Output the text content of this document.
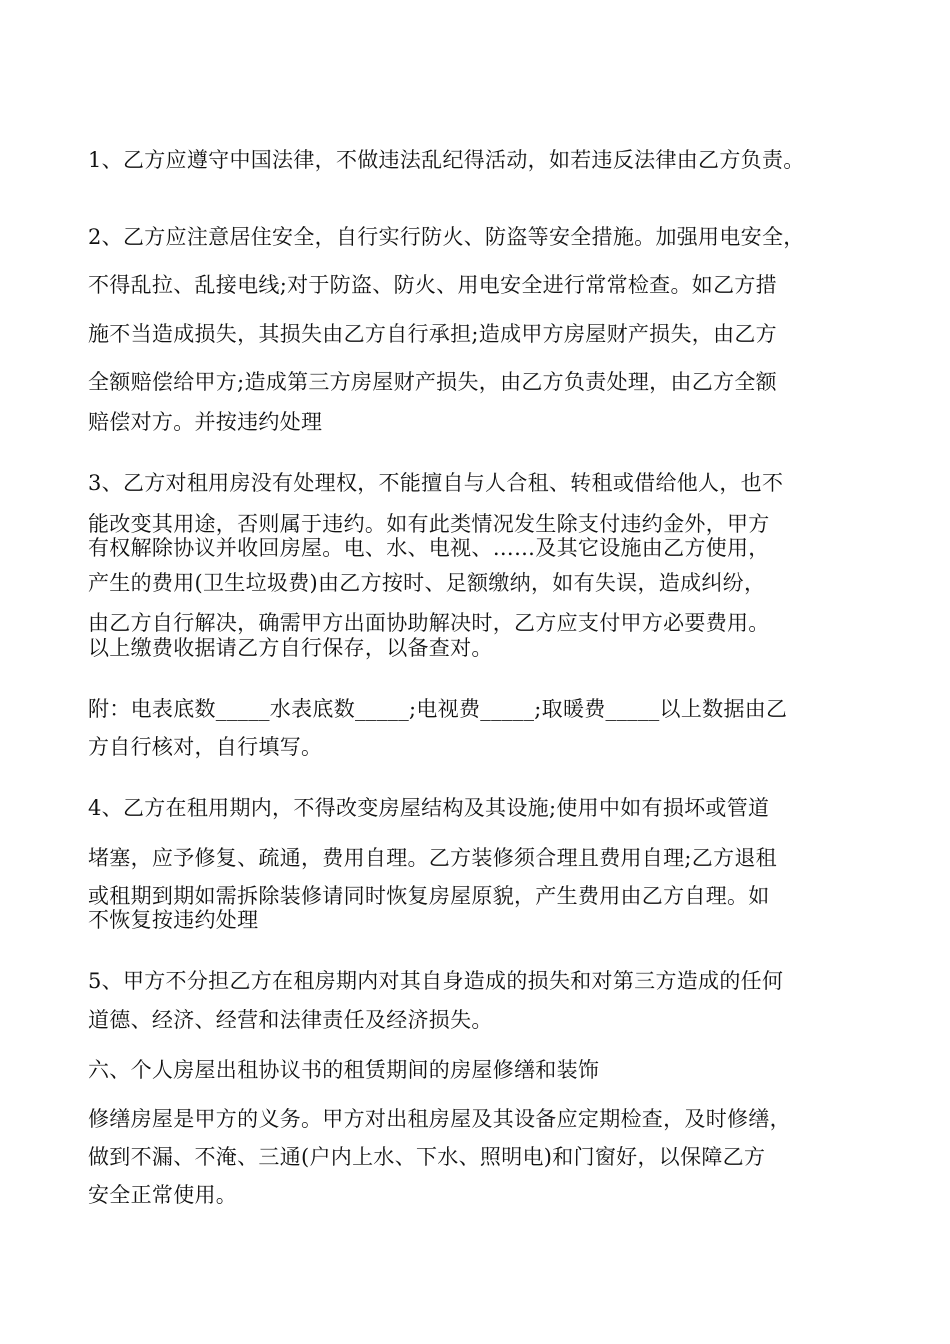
1、乙方应遵守中国法律，不做违法乱纪得活动，如若违反法律由乙方负责。
2、乙方应注意居住安全，自行实行防火、防盗等安全措施。加强用电安全，
不得乱拉、乱接电线;对于防盗、防火、用电安全进行常常检查。如乙方措
施不当造成损失，其损失由乙方自行承担;造成甲方房屋财产损失，由乙方
全额赔偿给甲方;造成第三方房屋财产损失，由乙方负责处理，由乙方全额
赔偿对方。并按违约处理
3、乙方对租用房没有处理权，不能擅自与人合租、转租或借给他人，也不
能改变其用途，否则属于违约。如有此类情况发生除支付违约金外，甲方
有权解除协议并收回房屋。电、水、电视、……及其它设施由乙方使用，
产生的费用(卫生垃圾费)由乙方按时、足额缴纳，如有失误，造成纠纷，
由乙方自行解决，确需甲方出面协助解决时，乙方应支付甲方必要费用。
以上缴费收据请乙方自行保存，以备查对。
附：电表底数_____水表底数_____;电视费_____;取暖费_____以上数据由乙
方自行核对，自行填写。
4、乙方在租用期内，不得改变房屋结构及其设施;使用中如有损坏或管道
堵塞，应予修复、疏通，费用自理。乙方装修须合理且费用自理;乙方退租
或租期到期如需拆除装修请同时恢复房屋原貌，产生费用由乙方自理。如
不恢复按违约处理
5、甲方不分担乙方在租房期内对其自身造成的损失和对第三方造成的任何
道德、经济、经营和法律责任及经济损失。
六、个人房屋出租协议书的租赁期间的房屋修缮和装饰
修缮房屋是甲方的义务。甲方对出租房屋及其设备应定期检查，及时修缮，
做到不漏、不淹、三通(户内上水、下水、照明电)和门窗好，以保障乙方
安全正常使用。
